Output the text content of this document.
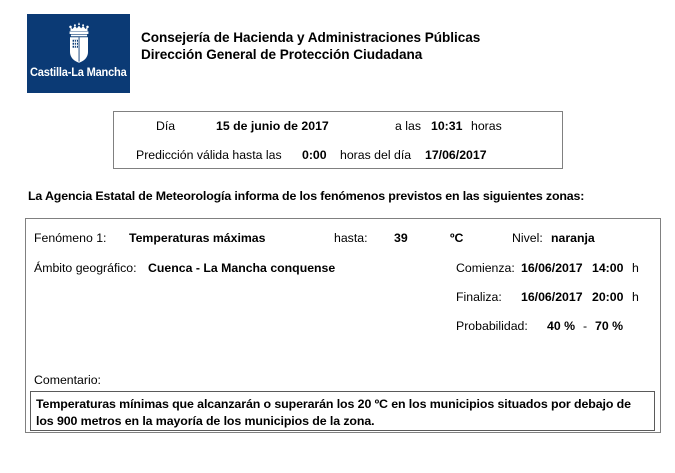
Castilla-La Mancha
Consejería de Hacienda y Administraciones Públicas
Dirección General de Protección Ciudadana
Día	15 de junio de 2017	a las 10:31 horas
Predicción válida hasta las 0:00 horas del día 17/06/2017
La Agencia Estatal de Meteorología informa de los fenómenos previstos en las siguientes zonas:
Fenómeno 1: Temperaturas máximas	hasta: 39	ºC	Nivel: naranja
Ámbito geográfico: Cuenca - La Mancha conquense	Comienza: 16/06/2017 14:00 h
Finaliza: 16/06/2017 20:00 h
Probabilidad: 40 % - 70 %
Comentario:
Temperaturas mínimas que alcanzarán o superarán los 20 ºC en los municipios situados por debajo de los 900 metros en la mayoría de los municipios de la zona.
